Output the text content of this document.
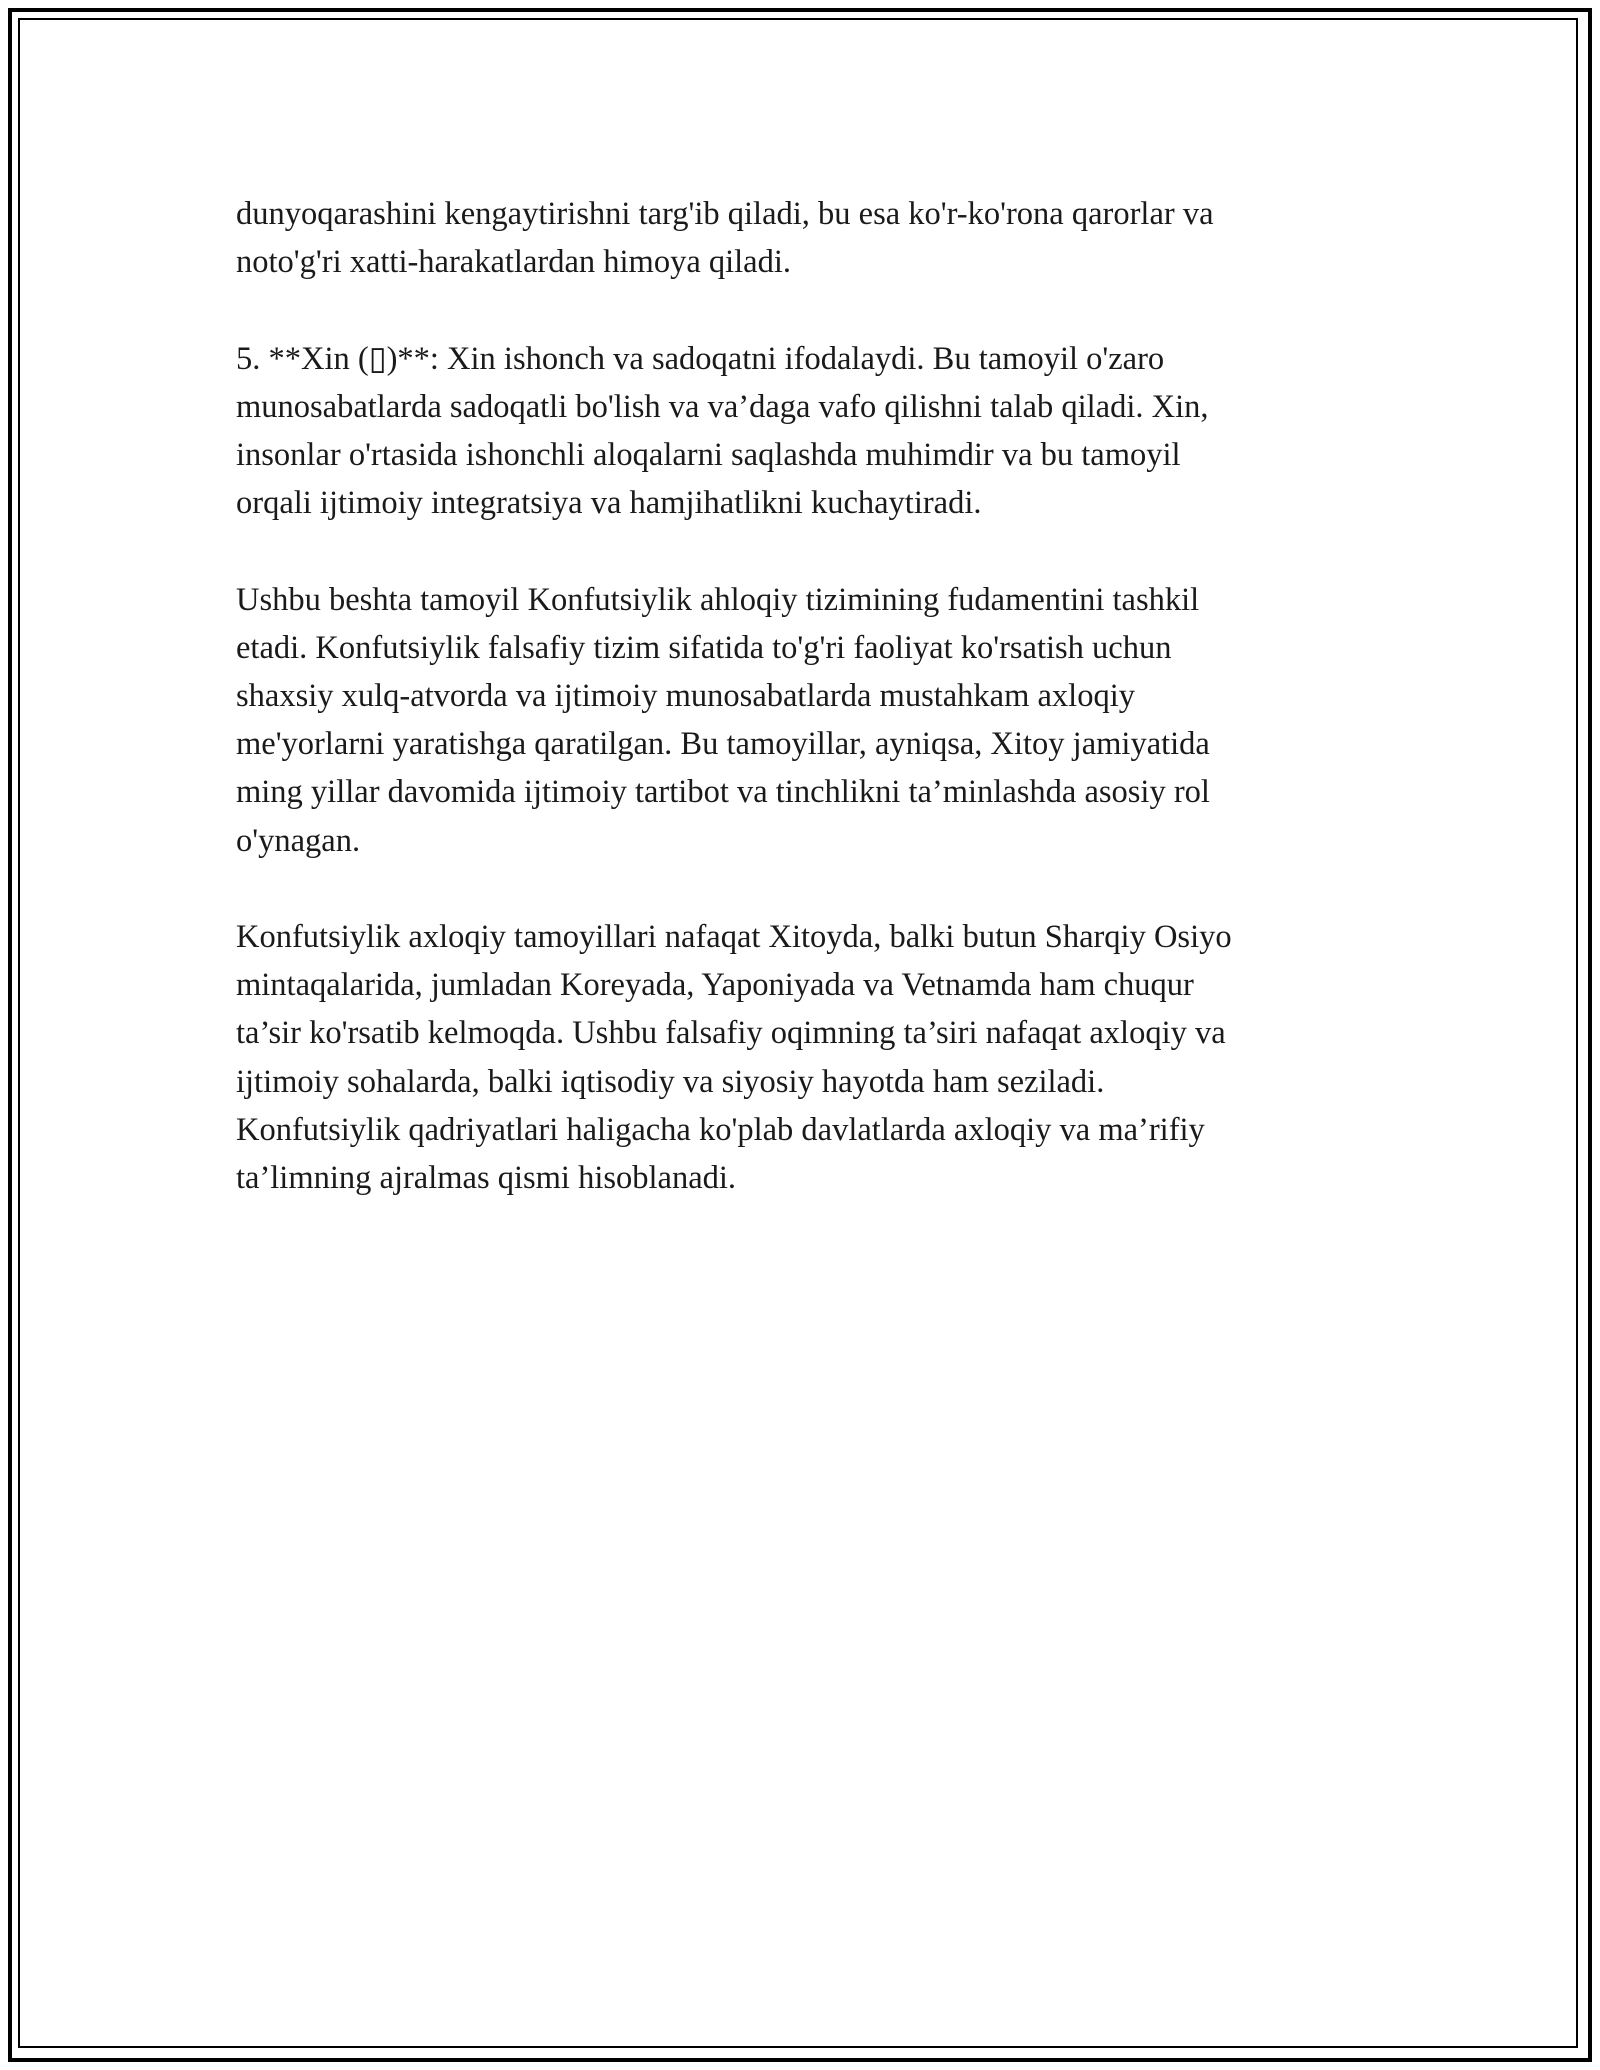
dunyoqarashini kengaytirishni targ'ib qiladi, bu esa ko'r-ko'rona qarorlar va
noto'g'ri xatti-harakatlardan himoya qiladi.

5. **Xin (▯)**: Xin ishonch va sadoqatni ifodalaydi. Bu tamoyil o'zaro
munosabatlarda sadoqatli bo'lish va va’daga vafo qilishni talab qiladi. Xin,
insonlar o'rtasida ishonchli aloqalarni saqlashda muhimdir va bu tamoyil
orqali ijtimoiy integratsiya va hamjihatlikni kuchaytiradi.

Ushbu beshta tamoyil Konfutsiylik ahloqiy tizimining fudamentini tashkil
etadi. Konfutsiylik falsafiy tizim sifatida to'g'ri faoliyat ko'rsatish uchun
shaxsiy xulq-atvorda va ijtimoiy munosabatlarda mustahkam axloqiy
me'yorlarni yaratishga qaratilgan. Bu tamoyillar, ayniqsa, Xitoy jamiyatida
ming yillar davomida ijtimoiy tartibot va tinchlikni ta’minlashda asosiy rol
o'ynagan.

Konfutsiylik axloqiy tamoyillari nafaqat Xitoyda, balki butun Sharqiy Osiyo
mintaqalarida, jumladan Koreyada, Yaponiyada va Vetnamda ham chuqur
ta’sir ko'rsatib kelmoqda. Ushbu falsafiy oqimning ta’siri nafaqat axloqiy va
ijtimoiy sohalarda, balki iqtisodiy va siyosiy hayotda ham seziladi.
Konfutsiylik qadriyatlari haligacha ko'plab davlatlarda axloqiy va ma’rifiy
ta’limning ajralmas qismi hisoblanadi.
